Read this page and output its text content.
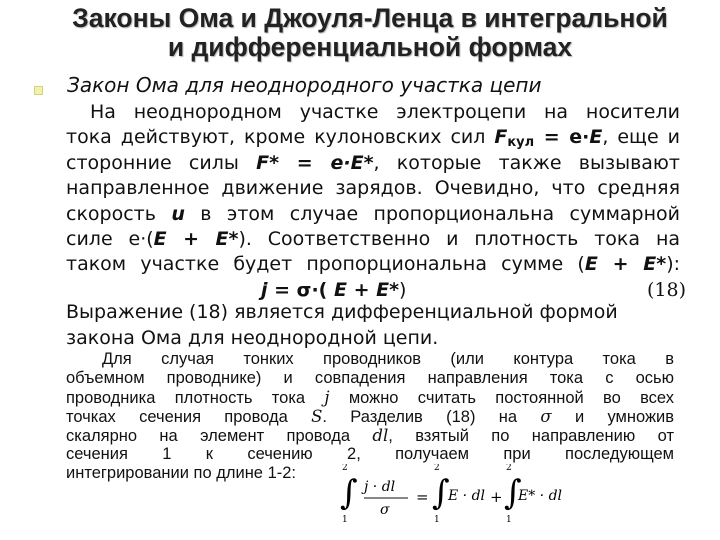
Законы Ома и Джоуля-Ленца в интегральной
и дифференциальной формах
Закон Ома для неоднородного участка цепи
На неоднородном участке электроцепи на носители
тока действуют, кроме кулоновских сил Fкул = e·E, еще и
сторонние силы F* = e·E*, которые также вызывают
направленное движение зарядов. Очевидно, что средняя
скорость u в этом случае пропорциональна суммарной
силе e·(E + E*). Соответственно и плотность тока на
таком участке будет пропорциональна сумме (E + E*):
j = σ·( E + E*)	(18)
Выражение (18) является дифференциальной формой
закона Ома для неоднородной цепи.
Для случая тонких проводников (или контура тока в
объемном проводнике) и совпадения направления тока с осью
проводника плотность тока j можно считать постоянной во всех
точках сечения провода S. Разделив (18) на σ и умножив
скалярно на элемент провода dl, взятый по направлению от
сечения 1 к сечению 2, получаем при последующем
интегрировании по длине 1-2:	2
∫
1
j · dl
σ
=
2
∫
1
E · dl +
2
∫
1
E* · dl
